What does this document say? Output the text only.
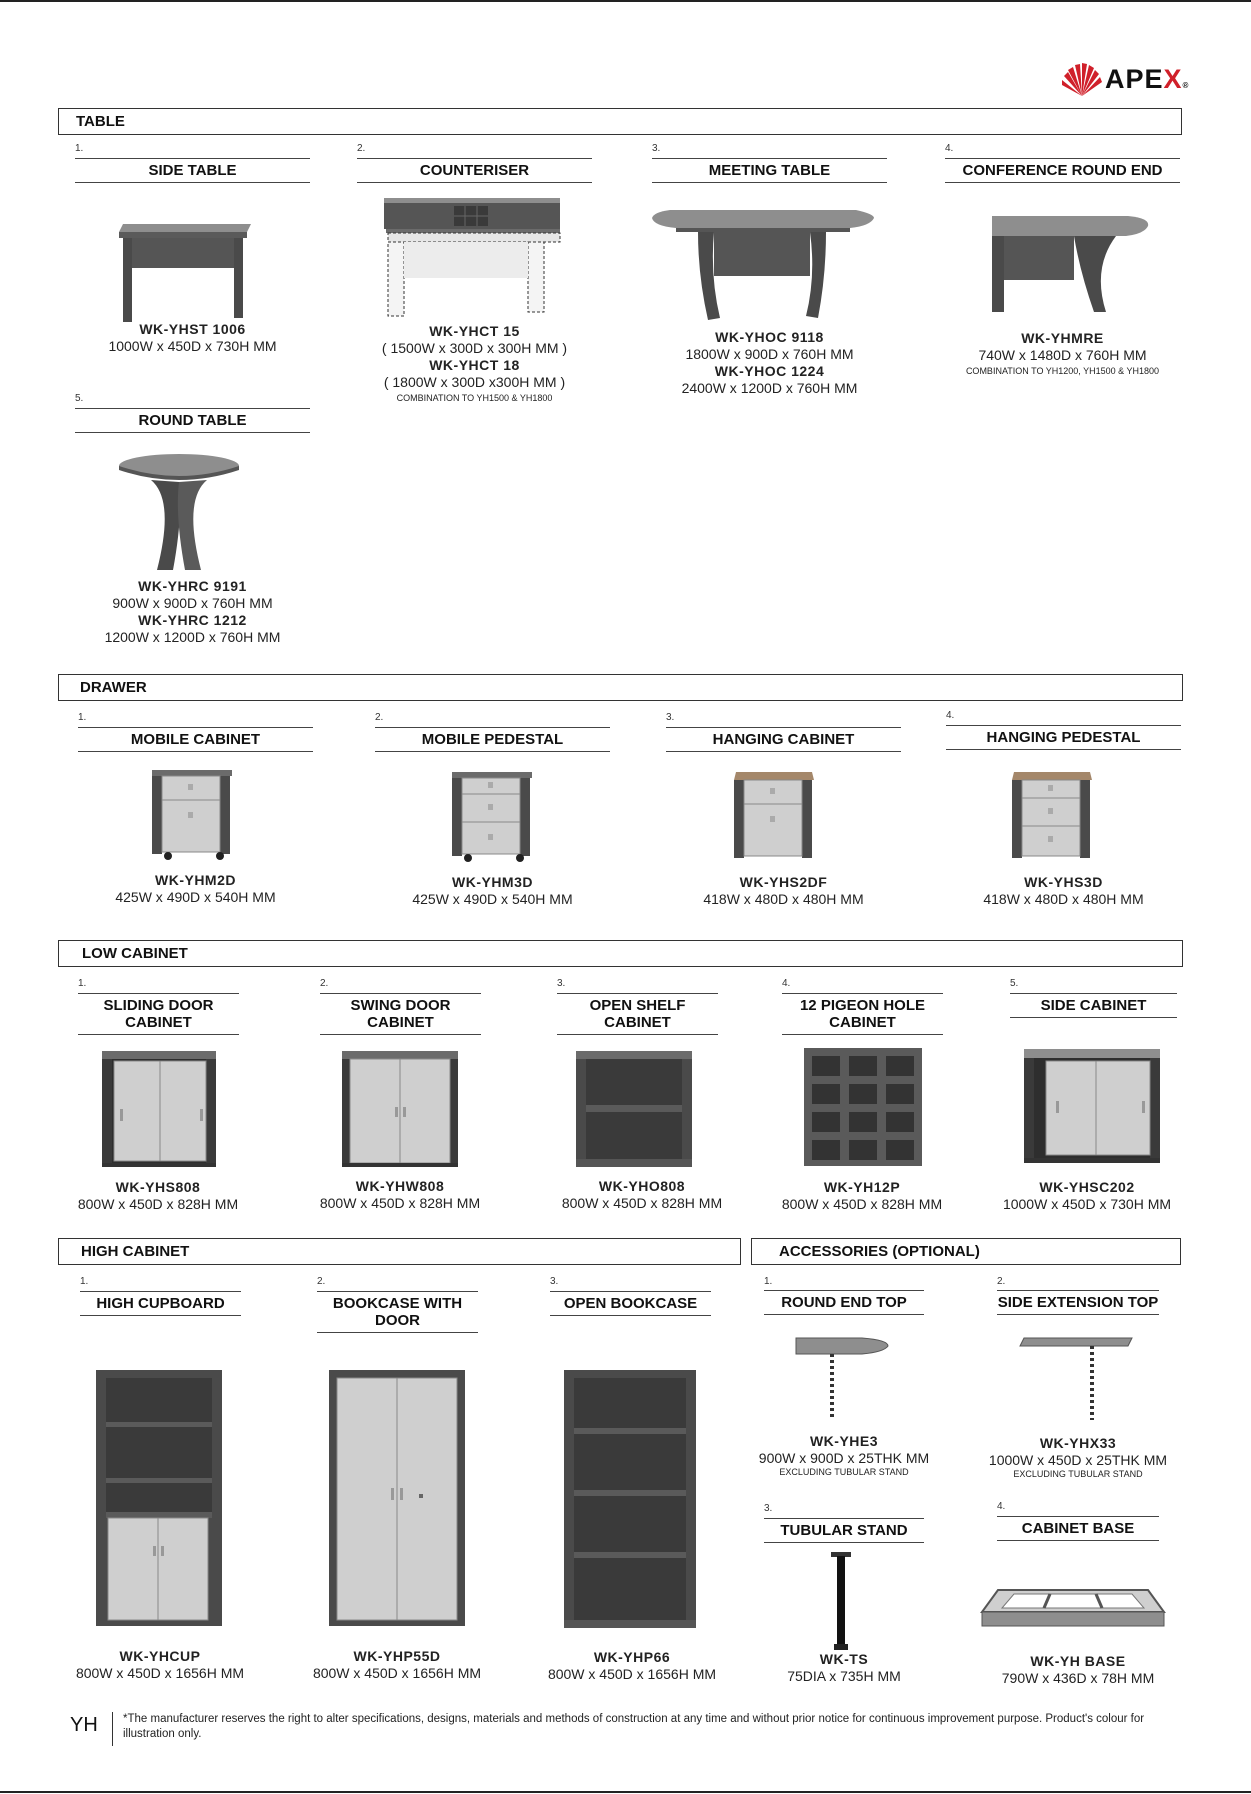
APEX®
TABLE
1.
SIDE TABLE
WK-YHST 1006
1000W x 450D x 730H MM
2.
COUNTERISER
WK-YHCT 15
( 1500W x 300D x 300H MM )
WK-YHCT 18
( 1800W x 300D x300H MM )
COMBINATION TO YH1500 & YH1800
3.
MEETING TABLE
WK-YHOC 9118
1800W x 900D x 760H MM
WK-YHOC 1224
2400W x 1200D x 760H MM
4.
CONFERENCE ROUND END
WK-YHMRE
740W x 1480D x 760H MM
COMBINATION TO YH1200, YH1500 & YH1800
5.
ROUND TABLE
WK-YHRC 9191
900W x 900D x 760H MM
WK-YHRC 1212
1200W x 1200D x 760H MM
DRAWER
1.
MOBILE CABINET
WK-YHM2D
425W x 490D x 540H MM
2.
MOBILE PEDESTAL
WK-YHM3D
425W x 490D x 540H MM
3.
HANGING CABINET
WK-YHS2DF
418W x 480D x 480H MM
4.
HANGING PEDESTAL
WK-YHS3D
418W x 480D x 480H MM
LOW CABINET
1.
SLIDING DOOR CABINET
WK-YHS808
800W x 450D x 828H MM
2.
SWING DOOR CABINET
WK-YHW808
800W x 450D x 828H MM
3.
OPEN SHELF CABINET
WK-YHO808
800W x 450D x 828H MM
4.
12 PIGEON HOLE CABINET
WK-YH12P
800W x 450D x 828H MM
5.
SIDE CABINET
WK-YHSC202
1000W x 450D x 730H MM
HIGH CABINET
1.
HIGH CUPBOARD
WK-YHCUP
800W x 450D x 1656H MM
2.
BOOKCASE WITH DOOR
WK-YHP55D
800W x 450D x 1656H MM
3.
OPEN BOOKCASE
WK-YHP66
800W x 450D x 1656H MM
ACCESSORIES (OPTIONAL)
1.
ROUND END TOP
WK-YHE3
900W x 900D x 25THK MM
EXCLUDING TUBULAR STAND
2.
SIDE EXTENSION TOP
WK-YHX33
1000W x 450D x 25THK MM
EXCLUDING TUBULAR STAND
3.
TUBULAR STAND
WK-TS
75DIA x 735H MM
4.
CABINET BASE
WK-YH BASE
790W x 436D x 78H MM
YH *The manufacturer reserves the right to alter specifications, designs, materials and methods of construction at any time and without prior notice for continuous improvement purpose. Product's colour for illustration only.
